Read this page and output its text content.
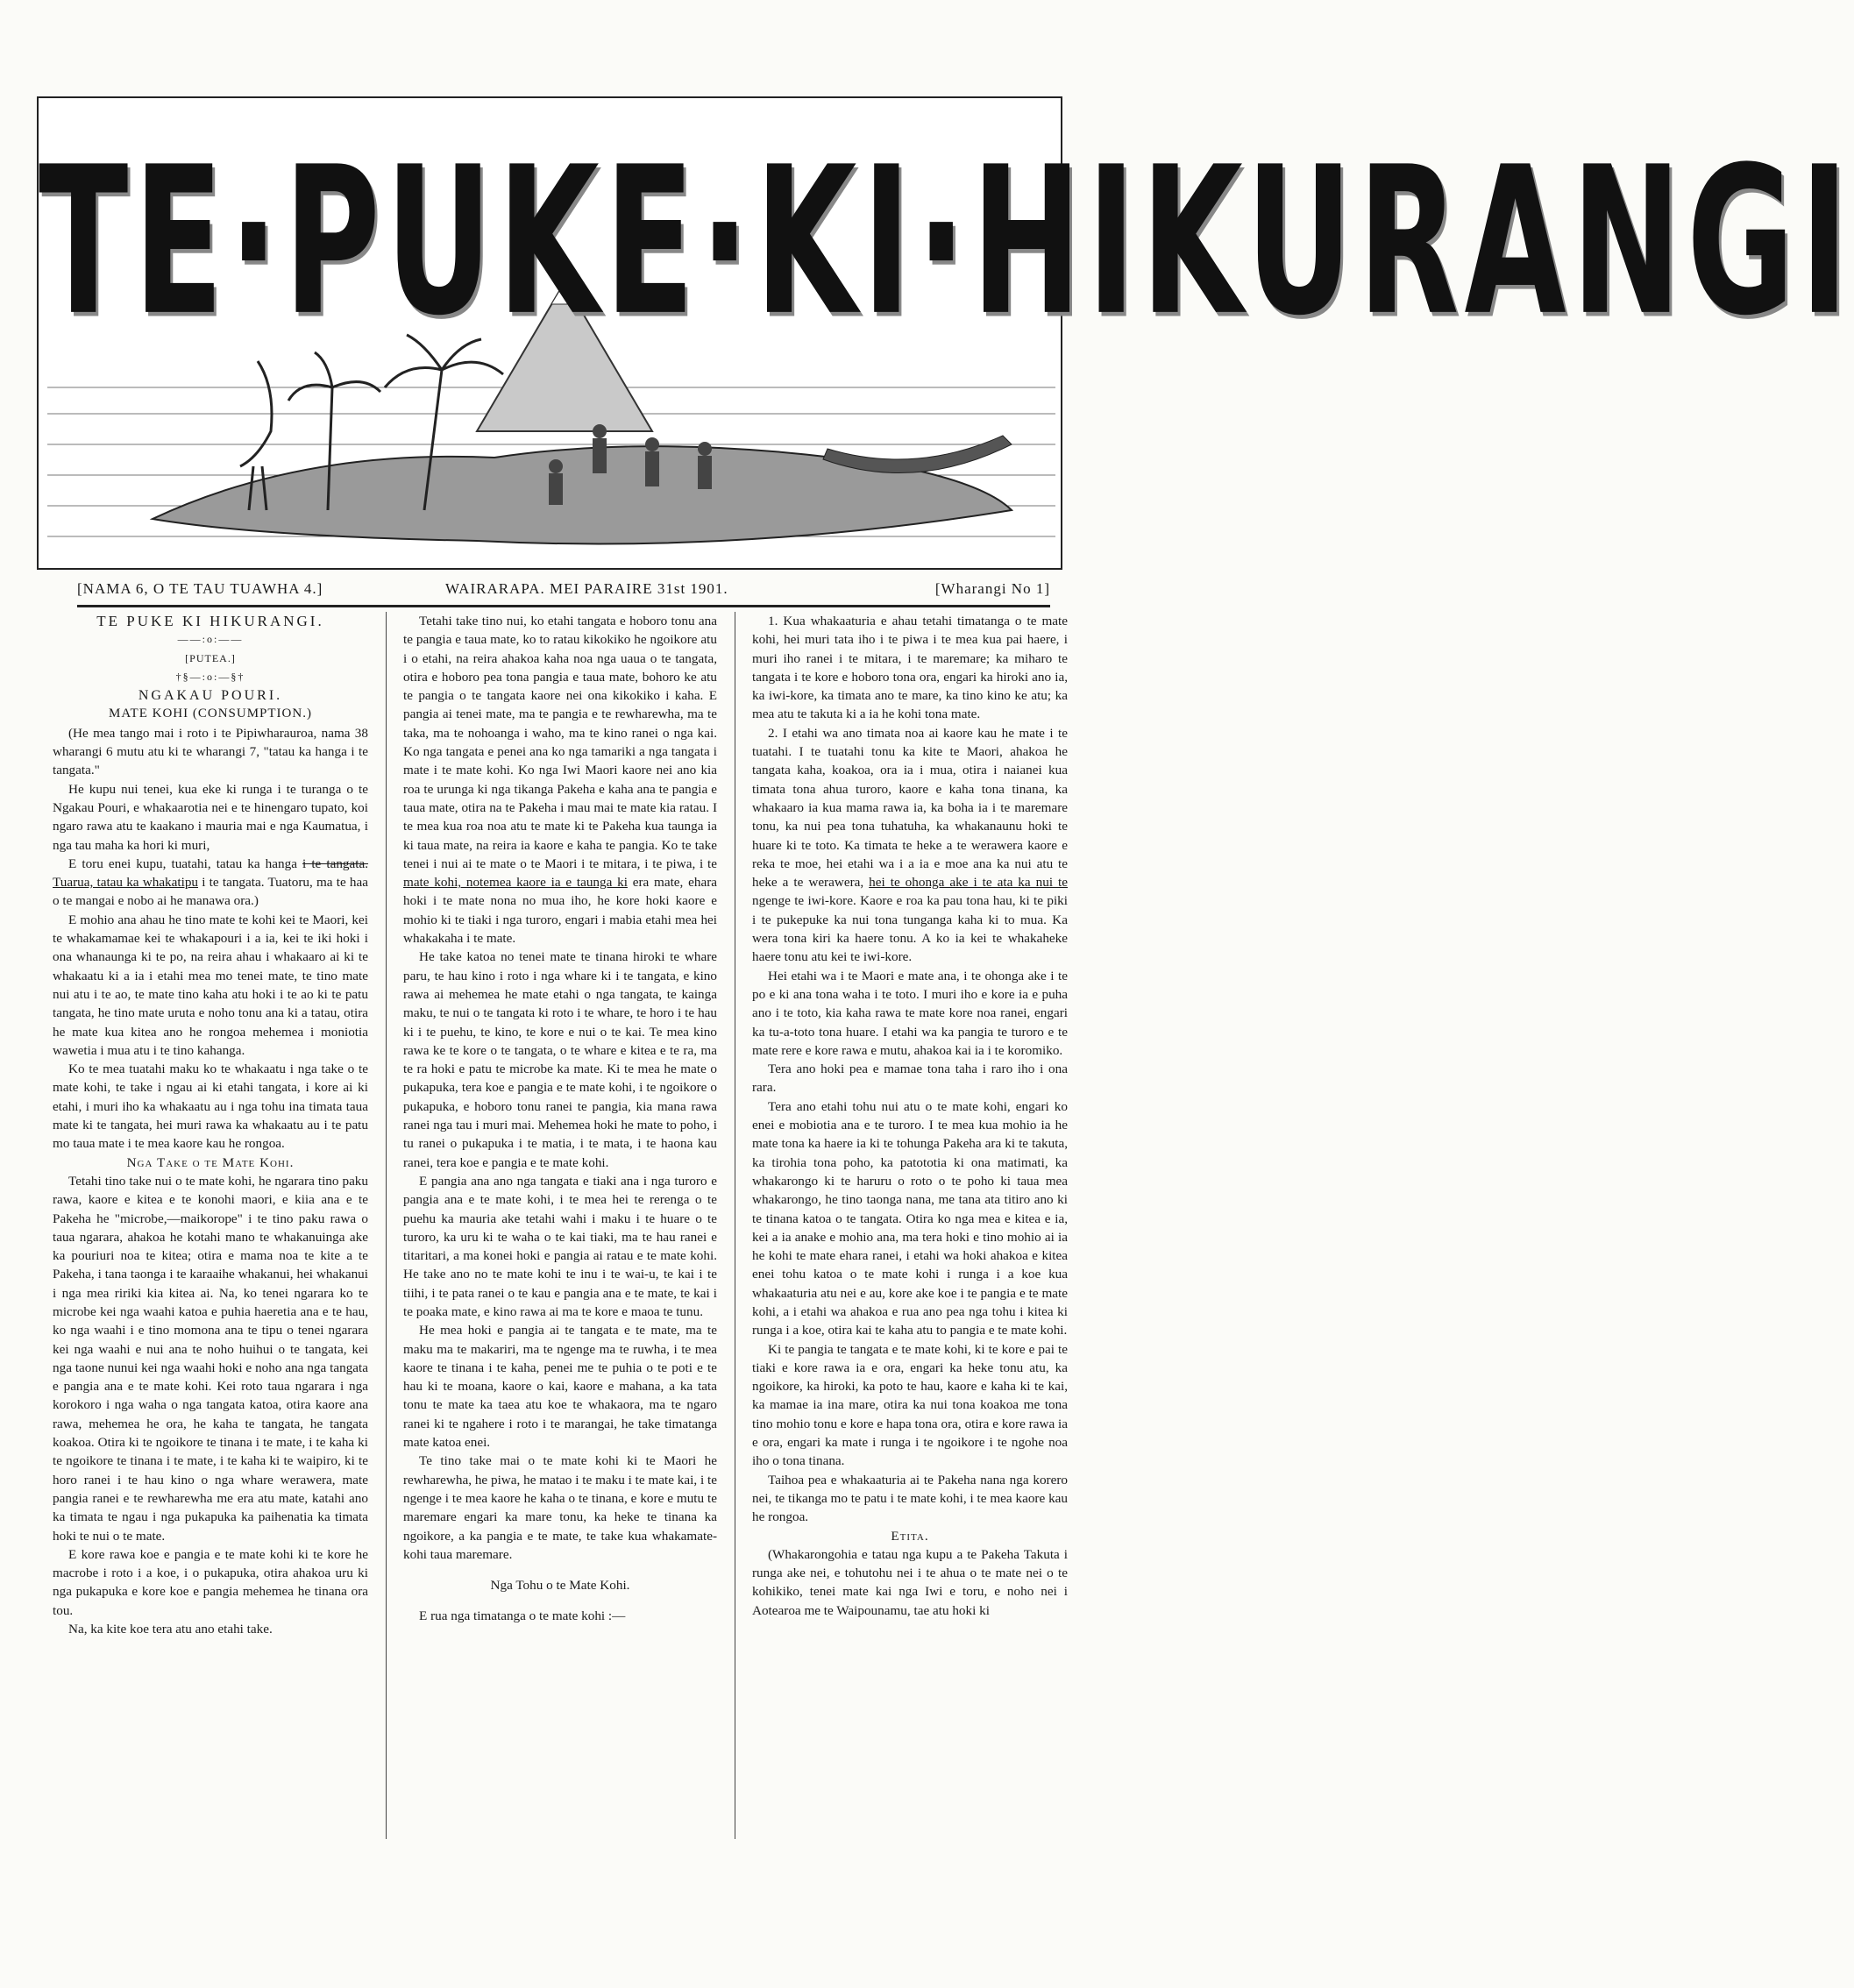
TE·PUKE·KI·HIKURANGI
[NAMA 6, O TE TAU TUAWHA 4.]	WAIRARAPA. MEI PARAIRE 31st 1901.	[Wharangi No 1]

TE PUKE KI HIKURANGI.

——:o:——

[PUTEA.]

†§—:o:—§†

NGAKAU POURI.

MATE KOHI (CONSUMPTION.)

(He mea tango mai i roto i te Pipiwharauroa, nama 38 wharangi 6 mutu atu ki te wharangi 7, "tatau ka hanga i te tangata."

He kupu nui tenei, kua eke ki runga i te turanga o te Ngakau Pouri, e whakaarotia nei e te hinengaro tupato, koi ngaro rawa atu te kaakano i mauria mai e nga Kaumatua, i nga tau maha ka hori ki muri,

E toru enei kupu, tuatahi, tatau ka hanga i te tangata. Tuarua, tatau ka whakatipu i te tangata. Tuatoru, ma te haa o te mangai e nobo ai he manawa ora.)

E mohio ana ahau he tino mate te kohi kei te Maori, kei te whakamamae kei te whakapouri i a ia, kei te iki hoki i ona whanaunga ki te po, na reira ahau i whakaaro ai ki te whakaatu ki a ia i etahi mea mo tenei mate, te tino mate nui atu i te ao, te mate tino kaha atu hoki i te ao ki te patu tangata, he tino mate uruta e noho tonu ana ki a tatau, otira he mate kua kitea ano he rongoa mehemea i moniotia wawetia i mua atu i te tino kahanga.

Ko te mea tuatahi maku ko te whakaatu i nga take o te mate kohi, te take i ngau ai ki etahi tangata, i kore ai ki etahi, i muri iho ka whakaatu au i nga tohu ina timata taua mate ki te tangata, hei muri rawa ka whakaatu au i te patu mo taua mate i te mea kaore kau he rongoa.

Nga Take o te Mate Kohi.

Tetahi tino take nui o te mate kohi, he ngarara tino paku rawa, kaore e kitea e te konohi maori, e kiia ana e te Pakeha he "microbe,—maikorope" i te tino paku rawa o taua ngarara, ahakoa he kotahi mano te whakanuinga ake ka pouriuri noa te kitea; otira e mama noa te kite a te Pakeha, i tana taonga i te karaaihe whakanui, hei whakanui i nga mea ririki kia kitea ai. Na, ko tenei ngarara ko te microbe kei nga waahi katoa e puhia haeretia ana e te hau, ko nga waahi i e tino momona ana te tipu o tenei ngarara kei nga waahi e nui ana te noho huihui o te tangata, kei nga taone nunui kei nga waahi hoki e noho ana nga tangata e pangia ana e te mate kohi. Kei roto taua ngarara i nga korokoro i nga waha o nga tangata katoa, otira kaore ana rawa, mehemea he ora, he kaha te tangata, he tangata koakoa. Otira ki te ngoikore te tinana i te mate, i te kaha ki te ngoikore te tinana i te mate, i te kaha ki te waipiro, ki te horo ranei i te hau kino o nga whare werawera, mate pangia ranei e te rewharewha me era atu mate, katahi ano ka timata te ngau i nga pukapuka ka paihenatia ka timata hoki te nui o te mate.

E kore rawa koe e pangia e te mate kohi ki te kore he macrobe i roto i a koe, i o pukapuka, otira ahakoa uru ki nga pukapuka e kore koe e pangia mehemea he tinana ora tou.

Na, ka kite koe tera atu ano etahi take.

Tetahi take tino nui, ko etahi tangata e hoboro tonu ana te pangia e taua mate, ko to ratau kikokiko he ngoikore atu i o etahi, na reira ahakoa kaha noa nga uaua o te tangata, otira e hoboro pea tona pangia e taua mate, bohoro ke atu te pangia o te tangata kaore nei ona kikokiko i kaha. E pangia ai tenei mate, ma te pangia e te rewharewha, ma te taka, ma te nohoanga i waho, ma te kino ranei o nga kai. Ko nga tangata e penei ana ko nga tamariki a nga tangata i mate i te mate kohi. Ko nga Iwi Maori kaore nei ano kia roa te urunga ki nga tikanga Pakeha e kaha ana te pangia e taua mate, otira na te Pakeha i mau mai te mate kia ratau. I te mea kua roa noa atu te mate ki te Pakeha kua taunga ia ki taua mate, na reira ia kaore e kaha te pangia. Ko te take tenei i nui ai te mate o te Maori i te mitara, i te piwa, i te mate kohi, notemea kaore ia e taunga ki era mate, ehara hoki i te mate nona no mua iho, he kore hoki kaore e mohio ki te tiaki i nga turoro, engari i mabia etahi mea hei whakakaha i te mate.

He take katoa no tenei mate te tinana hiroki te whare paru, te hau kino i roto i nga whare ki i te tangata, e kino rawa ai mehemea he mate etahi o nga tangata, te kainga maku, te nui o te tangata ki roto i te whare, te horo i te hau ki i te puehu, te kino, te kore e nui o te kai. Te mea kino rawa ke te kore o te tangata, o te whare e kitea e te ra, ma te ra hoki e patu te microbe ka mate. Ki te mea he mate o pukapuka, tera koe e pangia e te mate kohi, i te ngoikore o pukapuka, e hoboro tonu ranei te pangia, kia mana rawa ranei nga tau i muri mai. Mehemea hoki he mate to poho, i tu ranei o pukapuka i te matia, i te mata, i te haona kau ranei, tera koe e pangia e te mate kohi.

E pangia ana ano nga tangata e tiaki ana i nga turoro e pangia ana e te mate kohi, i te mea hei te rerenga o te puehu ka mauria ake tetahi wahi i maku i te huare o te turoro, ka uru ki te waha o te kai tiaki, ma te hau ranei e titaritari, a ma konei hoki e pangia ai ratau e te mate kohi. He take ano no te mate kohi te inu i te wai-u, te kai i te tiihi, i te pata ranei o te kau e pangia ana e te mate, te kai i te poaka mate, e kino rawa ai ma te kore e maoa te tunu.

He mea hoki e pangia ai te tangata e te mate, ma te maku ma te makariri, ma te ngenge ma te ruwha, i te mea kaore te tinana i te kaha, penei me te puhia o te poti e te hau ki te moana, kaore o kai, kaore e mahana, a ka tata tonu te mate ka taea atu koe te whakaora, ma te ngaro ranei ki te ngahere i roto i te marangai, he take timatanga mate katoa enei.

Te tino take mai o te mate kohi ki te Maori he rewharewha, he piwa, he matao i te maku i te mate kai, i te ngenge i te mea kaore he kaha o te tinana, e kore e mutu te maremare engari ka mare tonu, ka heke te tinana ka ngoikore, a ka pangia e te mate, te take kua whakamate-kohi taua maremare.

Nga Tohu o te Mate Kohi.

E rua nga timatanga o te mate kohi :—

1. Kua whakaaturia e ahau tetahi timatanga o te mate kohi, hei muri tata iho i te piwa i te mea kua pai haere, i muri iho ranei i te mitara, i te maremare; ka miharo te tangata i te kore e hoboro tona ora, engari ka hiroki ano ia, ka iwi-kore, ka timata ano te mare, ka tino kino ke atu; ka mea atu te takuta ki a ia he kohi tona mate.

2. I etahi wa ano timata noa ai kaore kau he mate i te tuatahi. I te tuatahi tonu ka kite te Maori, ahakoa he tangata kaha, koakoa, ora ia i mua, otira i naianei kua timata tona ahua turoro, kaore e kaha tona tinana, ka whakaaro ia kua mama rawa ia, ka boha ia i te maremare tonu, ka nui pea tona tuhatuha, ka whakanaunu hoki te huare ki te toto. Ka timata te heke a te werawera kaore e reka te moe, hei etahi wa i a ia e moe ana ka nui atu te heke a te werawera, hei te ohonga ake i te ata ka nui te ngenge te iwi-kore. Kaore e roa ka pau tona hau, ki te piki i te pukepuke ka nui tona tunganga kaha ki to mua. Ka wera tona kiri ka haere tonu. A ko ia kei te whakaheke haere tonu atu kei te iwi-kore.

Hei etahi wa i te Maori e mate ana, i te ohonga ake i te po e ki ana tona waha i te toto. I muri iho e kore ia e puha ano i te toto, kia kaha rawa te mate kore noa ranei, engari ka tu-a-toto tona huare. I etahi wa ka pangia te turoro e te mate rere e kore rawa e mutu, ahakoa kai ia i te koromiko.

Tera ano hoki pea e mamae tona taha i raro iho i ona rara.

Tera ano etahi tohu nui atu o te mate kohi, engari ko enei e mobiotia ana e te turoro. I te mea kua mohio ia he mate tona ka haere ia ki te tohunga Pakeha ara ki te takuta, ka tirohia tona poho, ka patototia ki ona matimati, ka whakarongo ki te haruru o roto o te poho ki taua mea whakarongo, he tino taonga nana, me tana ata titiro ano ki te tinana katoa o te tangata. Otira ko nga mea e kitea e ia, kei a ia anake e mohio ana, ma tera hoki e tino mohio ai ia he kohi te mate ehara ranei, i etahi wa hoki ahakoa e kitea enei tohu katoa o te mate kohi i runga i a koe kua whakaaturia atu nei e au, kore ake koe i te pangia e te mate kohi, a i etahi wa ahakoa e rua ano pea nga tohu i kitea ki runga i a koe, otira kai te kaha atu to pangia e te mate kohi.

Ki te pangia te tangata e te mate kohi, ki te kore e pai te tiaki e kore rawa ia e ora, engari ka heke tonu atu, ka ngoikore, ka hiroki, ka poto te hau, kaore e kaha ki te kai, ka mamae ia ina mare, otira ka nui tona koakoa me tona tino mohio tonu e kore e hapa tona ora, otira e kore rawa ia e ora, engari ka mate i runga i te ngoikore i te ngohe noa iho o tona tinana.

Taihoa pea e whakaaturia ai te Pakeha nana nga korero nei, te tikanga mo te patu i te mate kohi, i te mea kaore kau he rongoa.

Etita.

(Whakarongohia e tatau nga kupu a te Pakeha Takuta i runga ake nei, e tohutohu nei i te ahua o te mate nei o te kohikiko, tenei mate kai nga Iwi e toru, e noho nei i Aotearoa me te Waipounamu, tae atu hoki ki
